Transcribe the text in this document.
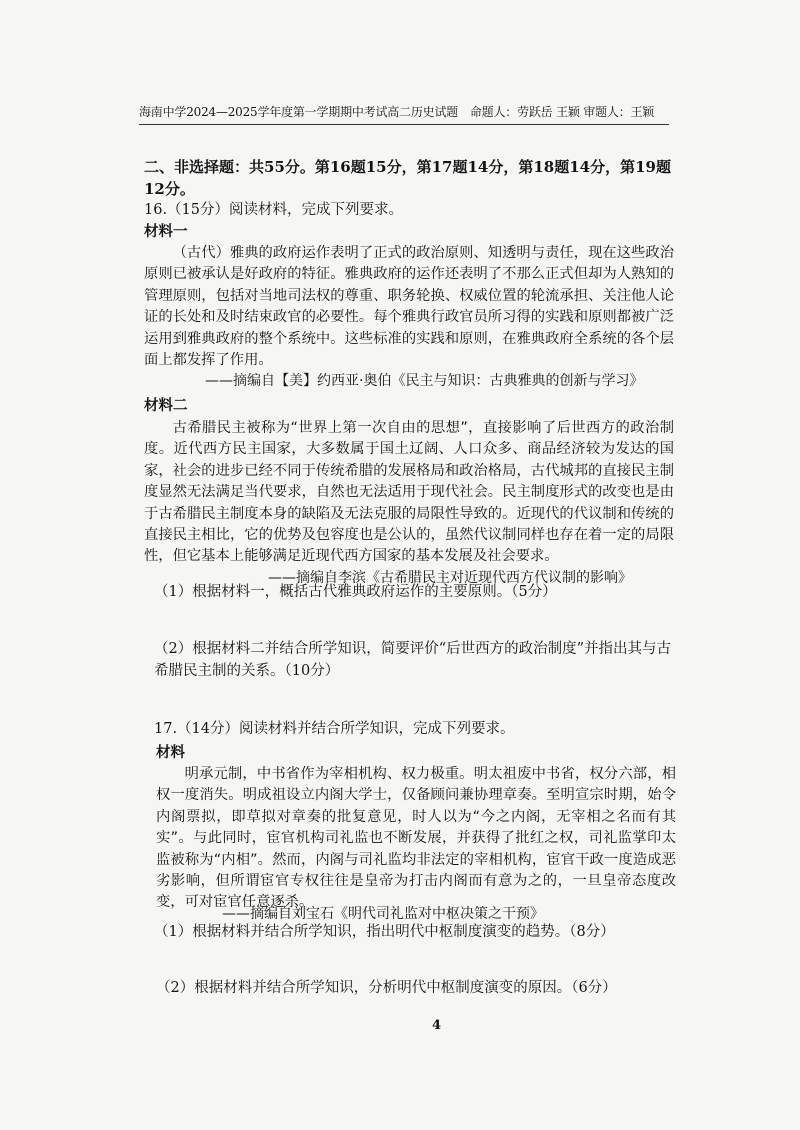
海南中学2024—2025学年度第一学期期中考试高二历史试题　命题人：劳跃岳 王颖 审题人：王颖
二、非选择题：共55分。第16题15分，第17题14分，第18题14分，第19题12分。
16.（15分）阅读材料，完成下列要求。
材料一
（古代）雅典的政府运作表明了正式的政治原则、知透明与责任，现在这些政治原则已被承认是好政府的特征。雅典政府的运作还表明了不那么正式但却为人熟知的管理原则，包括对当地司法权的尊重、职务轮换、权威位置的轮流承担、关注他人论证的长处和及时结束政官的必要性。每个雅典行政官员所习得的实践和原则都被广泛运用到雅典政府的整个系统中。这些标准的实践和原则，在雅典政府全系统的各个层面上都发挥了作用。
——摘编自【美】约西亚·奥伯《民主与知识：古典雅典的创新与学习》
材料二
古希腊民主被称为“世界上第一次自由的思想”，直接影响了后世西方的政治制度。近代西方民主国家，大多数属于国土辽阔、人口众多、商品经济较为发达的国家，社会的进步已经不同于传统希腊的发展格局和政治格局，古代城邦的直接民主制度显然无法满足当代要求，自然也无法适用于现代社会。民主制度形式的改变也是由于古希腊民主制度本身的缺陷及无法克服的局限性导致的。近现代的代议制和传统的直接民主相比，它的优势及包容度也是公认的，虽然代议制同样也存在着一定的局限性，但它基本上能够满足近现代西方国家的基本发展及社会要求。
——摘编自李滨《古希腊民主对近现代西方代议制的影响》
（1）根据材料一，概括古代雅典政府运作的主要原则。（5分）
（2）根据材料二并结合所学知识，简要评价“后世西方的政治制度”并指出其与古希腊民主制的关系。（10分）
17.（14分）阅读材料并结合所学知识，完成下列要求。
材料
明承元制，中书省作为宰相机构、权力极重。明太祖废中书省，权分六部，相权一度消失。明成祖设立内阁大学士，仅备顾问兼协理章奏。至明宣宗时期，始令内阁票拟，即草拟对章奏的批复意见，时人以为“今之内阁，无宰相之名而有其实”。与此同时，宦官机构司礼监也不断发展，并获得了批红之权，司礼监掌印太监被称为“内相”。然而，内阁与司礼监均非法定的宰相机构，宦官干政一度造成恶劣影响，但所谓宦官专权往往是皇帝为打击内阁而有意为之的，一旦皇帝态度改变，可对宦官任意逐杀。
——摘编自刘宝石《明代司礼监对中枢决策之干预》
（1）根据材料并结合所学知识，指出明代中枢制度演变的趋势。（8分）
（2）根据材料并结合所学知识，分析明代中枢制度演变的原因。（6分）
4
